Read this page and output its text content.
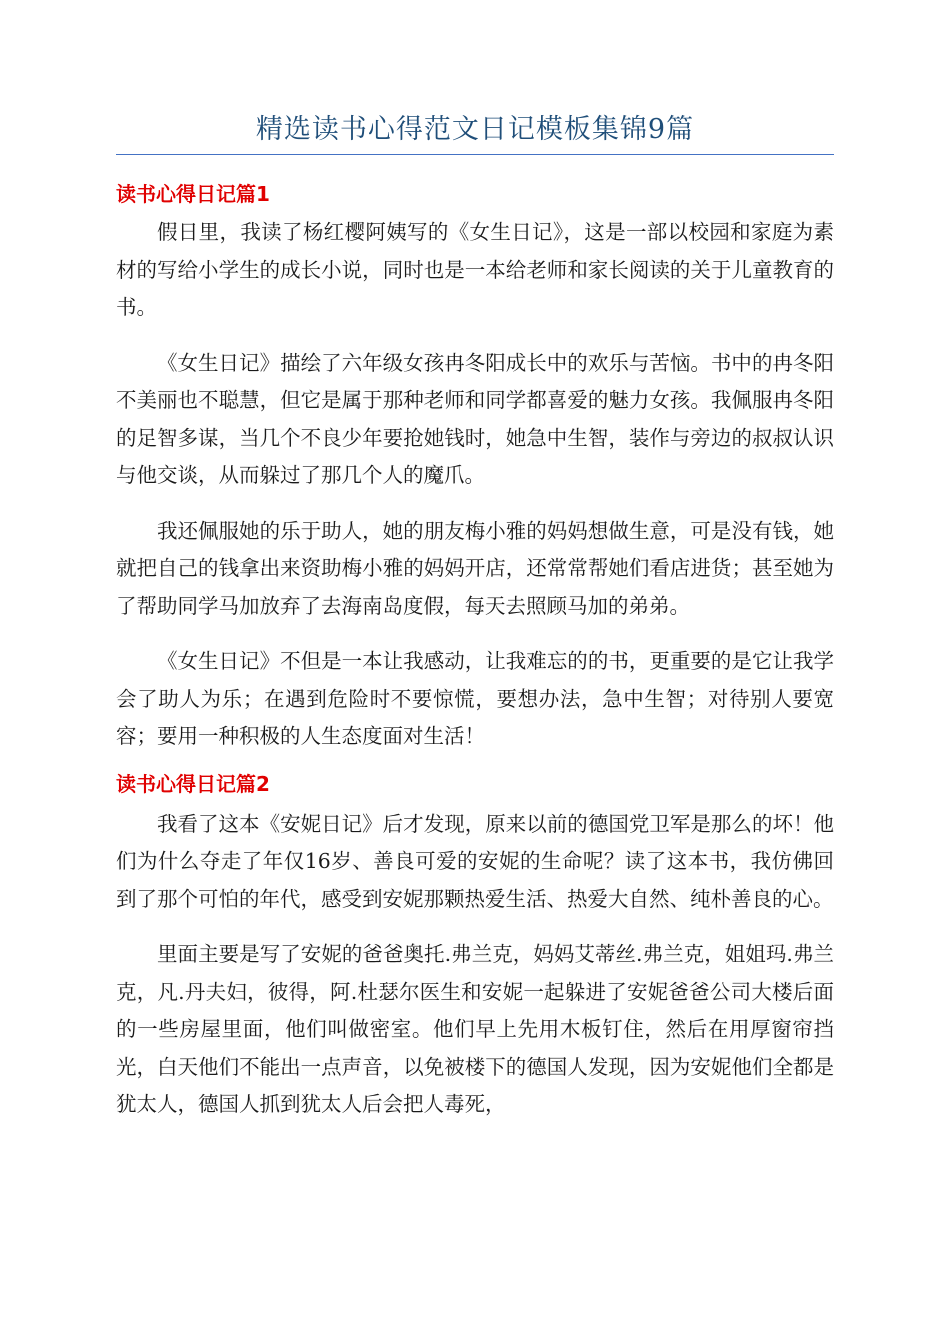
精选读书心得范文日记模板集锦9篇
读书心得日记篇1

假日里，我读了杨红樱阿姨写的《女生日记》，这是一部以校园和家庭为素材的写给小学生的成长小说，同时也是一本给老师和家长阅读的关于儿童教育的书。

《女生日记》描绘了六年级女孩冉冬阳成长中的欢乐与苦恼。书中的冉冬阳不美丽也不聪慧，但它是属于那种老师和同学都喜爱的魅力女孩。我佩服冉冬阳的足智多谋，当几个不良少年要抢她钱时，她急中生智，装作与旁边的叔叔认识与他交谈，从而躲过了那几个人的魔爪。

我还佩服她的乐于助人，她的朋友梅小雅的妈妈想做生意，可是没有钱，她就把自己的钱拿出来资助梅小雅的妈妈开店，还常常帮她们看店进货；甚至她为了帮助同学马加放弃了去海南岛度假，每天去照顾马加的弟弟。

《女生日记》不但是一本让我感动，让我难忘的的书，更重要的是它让我学会了助人为乐；在遇到危险时不要惊慌，要想办法，急中生智；对待别人要宽容；要用一种积极的人生态度面对生活！

读书心得日记篇2

我看了这本《安妮日记》后才发现，原来以前的德国党卫军是那么的坏！他们为什么夺走了年仅16岁、善良可爱的安妮的生命呢？读了这本书，我仿佛回到了那个可怕的年代，感受到安妮那颗热爱生活、热爱大自然、纯朴善良的心。

里面主要是写了安妮的爸爸奥托.弗兰克，妈妈艾蒂丝.弗兰克，姐姐玛.弗兰克，凡.丹夫妇，彼得，阿.杜瑟尔医生和安妮一起躲进了安妮爸爸公司大楼后面的一些房屋里面，他们叫做密室。他们早上先用木板钉住，然后在用厚窗帘挡光，白天他们不能出一点声音，以免被楼下的德国人发现，因为安妮他们全都是犹太人，德国人抓到犹太人后会把人毒死，
